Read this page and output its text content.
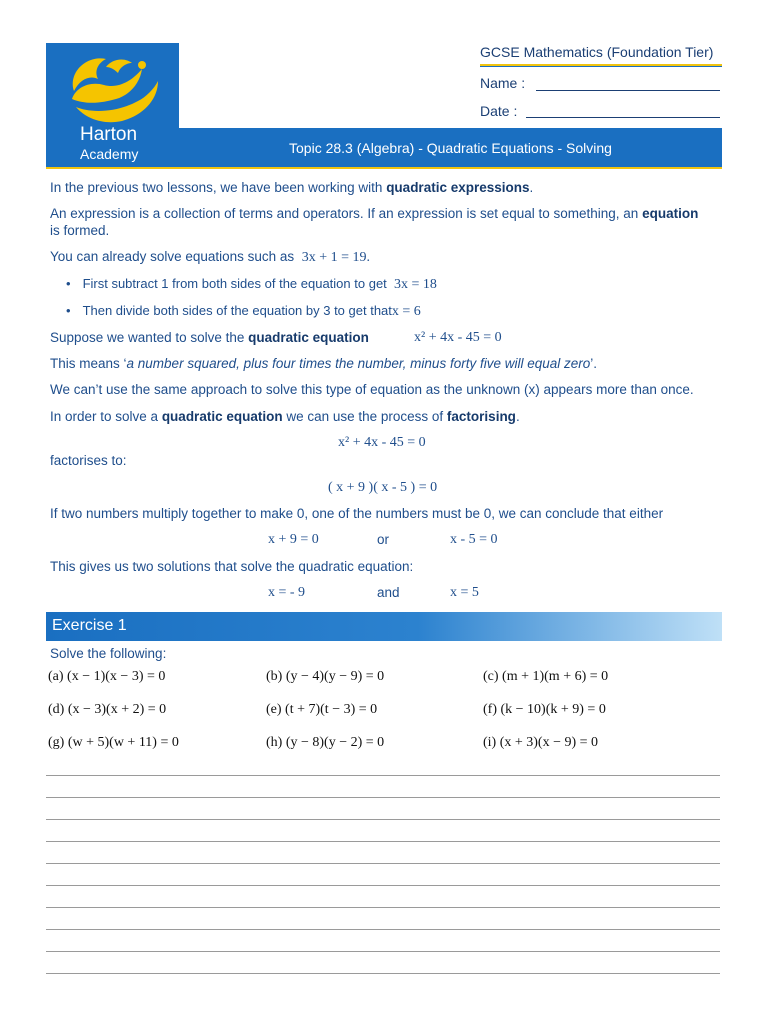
Harton
Academy
GCSE Mathematics (Foundation Tier)
Name :
Date :
Topic 28.3 (Algebra) - Quadratic Equations - Solving
In the previous two lessons, we have been working with quadratic expressions.
An expression is a collection of terms and operators. If an expression is set equal to something, an equation
is formed.
You can already solve equations such as 3x + 1 = 19.
• First subtract 1 from both sides of the equation to get 3x = 18
• Then divide both sides of the equation by 3 to get thatx = 6
Suppose we wanted to solve the quadratic equation	x² + 4x - 45 = 0
This means ‘a number squared, plus four times the number, minus forty five will equal zero’.
We can’t use the same approach to solve this type of equation as the unknown (x) appears more than once.
In order to solve a quadratic equation we can use the process of factorising.
x² + 4x - 45 = 0
factorises to:
( x + 9 )( x - 5 ) = 0
If two numbers multiply together to make 0, one of the numbers must be 0, we can conclude that either
x + 9 = 0	or	x - 5 = 0
This gives us two solutions that solve the quadratic equation:
x = - 9	and	x = 5
Exercise 1
Solve the following:
(a) (x − 1)(x − 3) = 0	(b) (y − 4)(y − 9) = 0	(c) (m + 1)(m + 6) = 0
(d) (x − 3)(x + 2) = 0	(e) (t + 7)(t − 3) = 0	(f) (k − 10)(k + 9) = 0
(g) (w + 5)(w + 11) = 0	(h) (y − 8)(y − 2) = 0	(i) (x + 3)(x − 9) = 0
